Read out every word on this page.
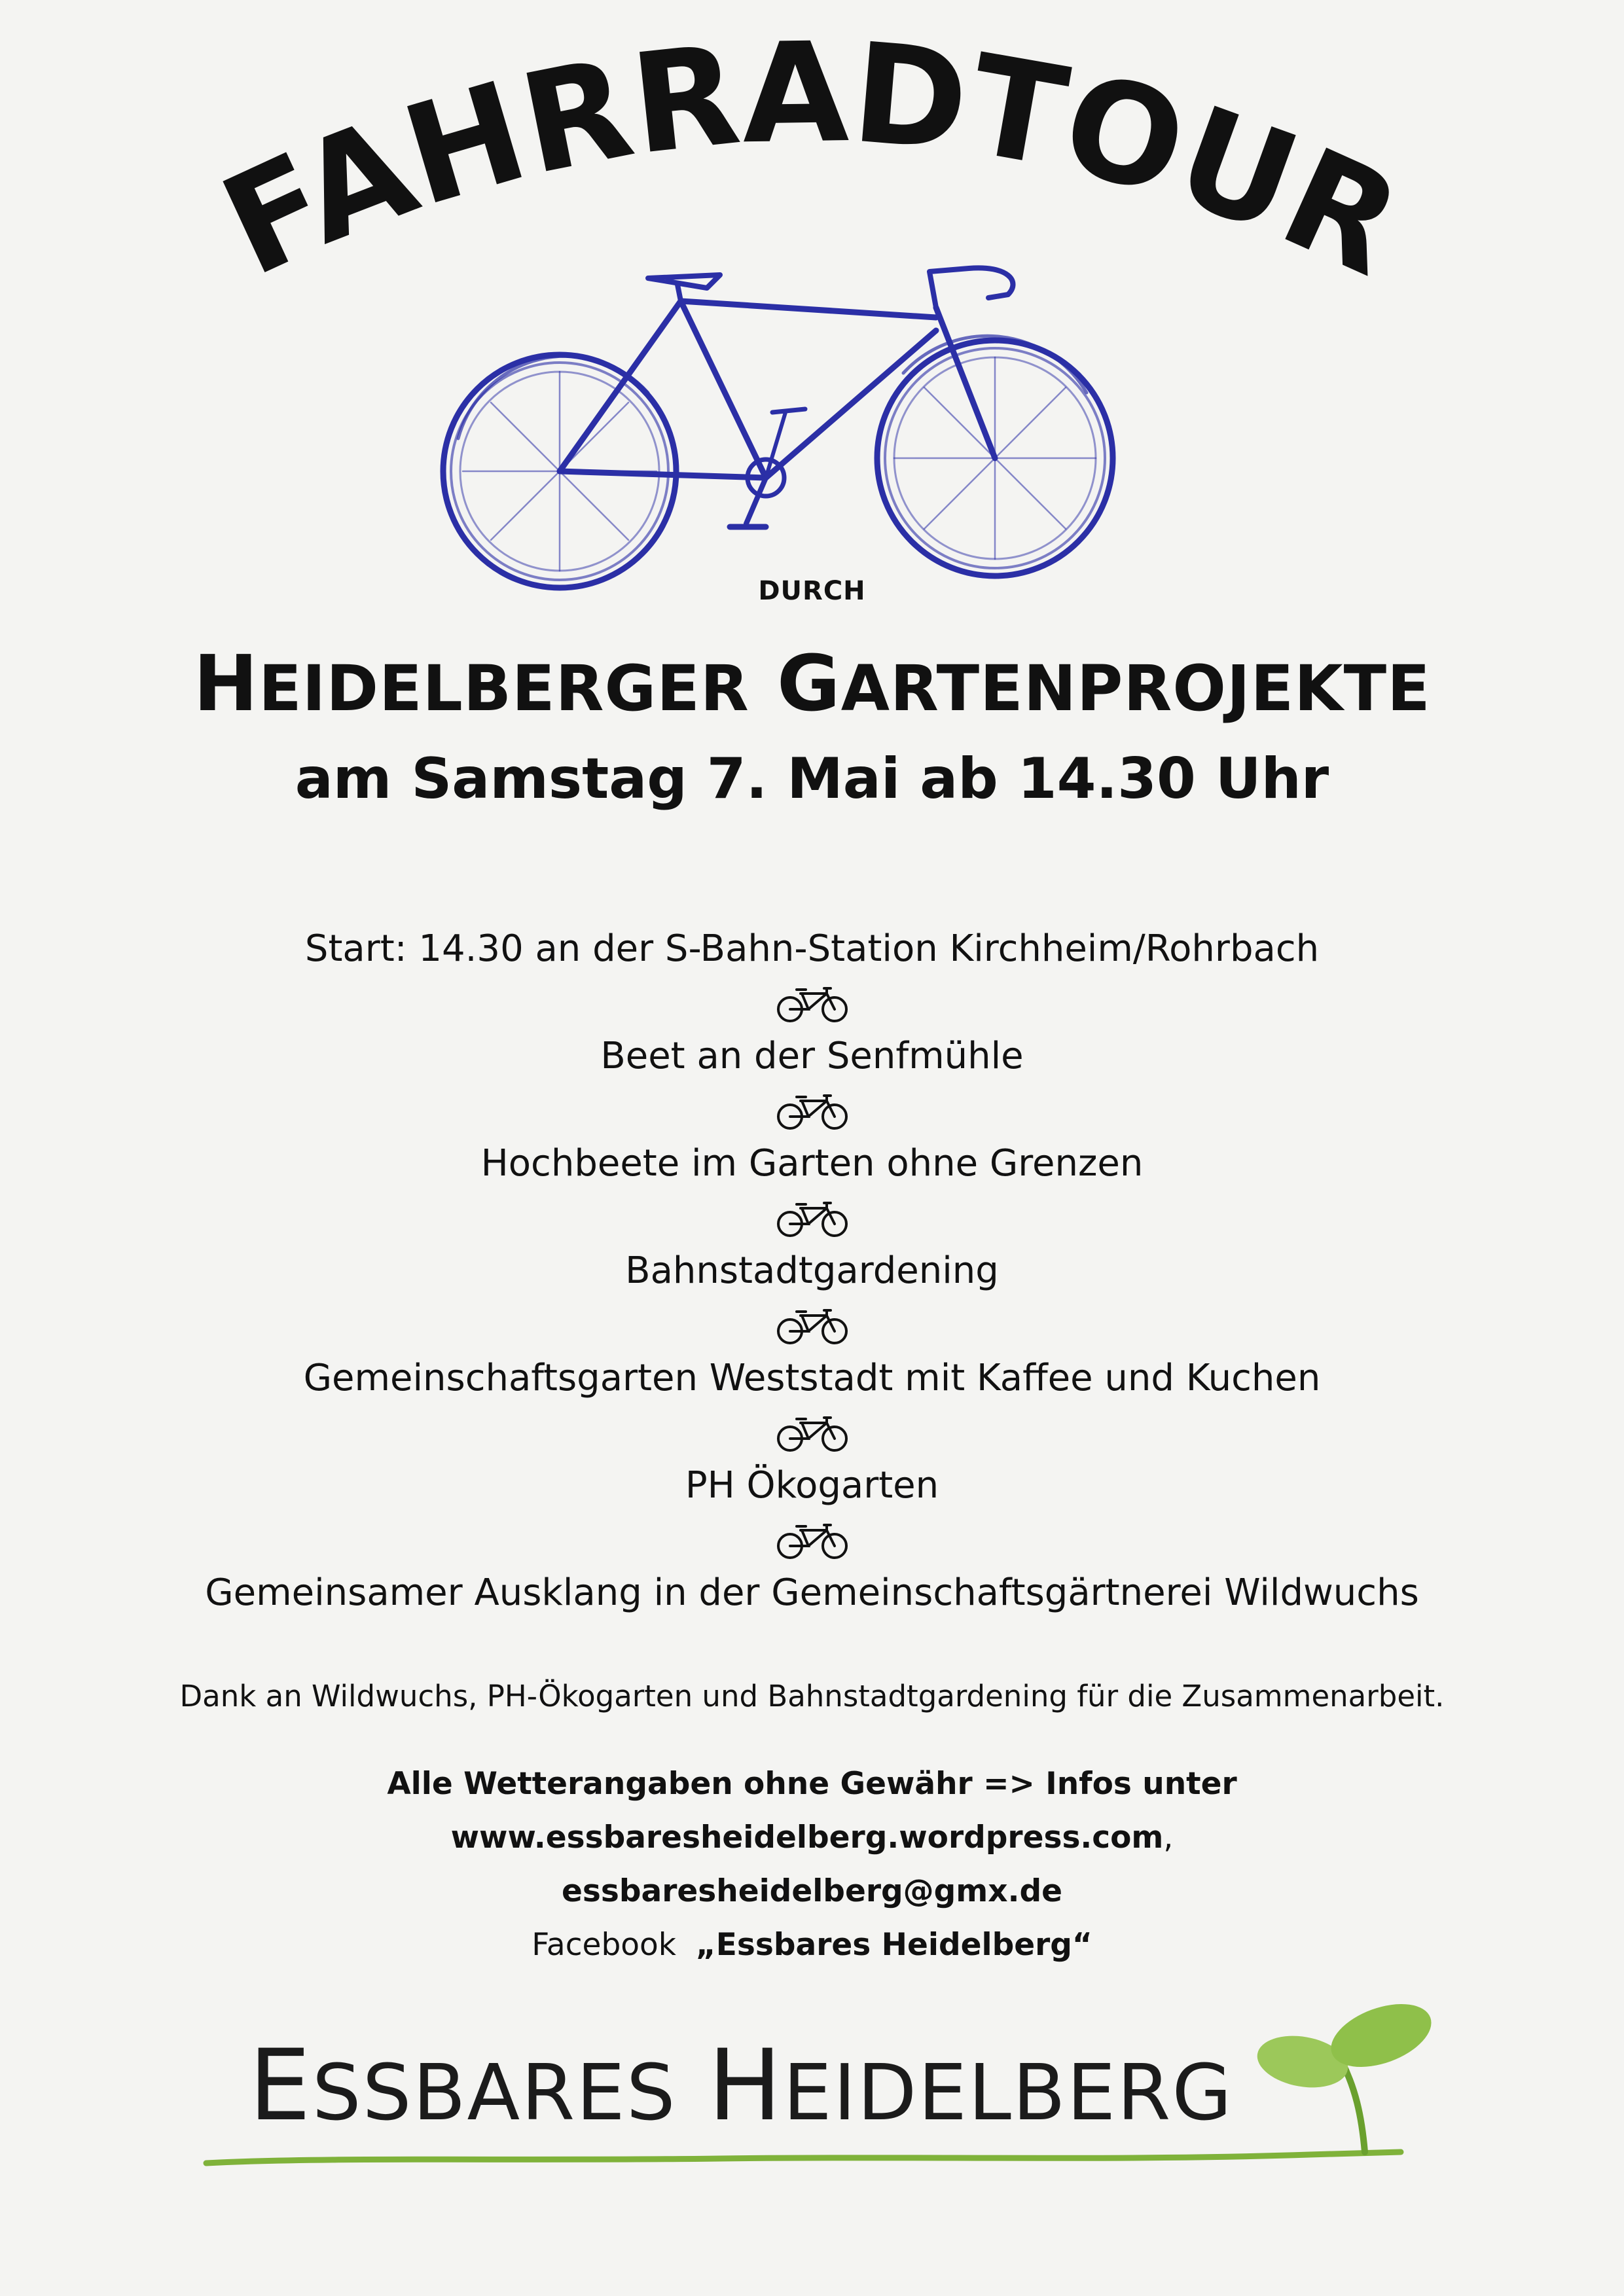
FAHRRADTOUR
DURCH
HEIDELBERGER GARTENPROJEKTE
am Samstag 7. Mai ab 14.30 Uhr
Start: 14.30 an der S-Bahn-Station Kirchheim/Rohrbach
Beet an der Senfmühle
Hochbeete im Garten ohne Grenzen
Bahnstadtgardening
Gemeinschaftsgarten Weststadt mit Kaffee und Kuchen
PH Ökogarten
Gemeinsamer Ausklang in der Gemeinschaftsgärtnerei Wildwuchs
Dank an Wildwuchs, PH-Ökogarten und Bahnstadtgardening für die Zusammenarbeit.
Alle Wetterangaben ohne Gewähr => Infos unter
www.essbaresheidelberg.wordpress.com,
essbaresheidelberg@gmx.de
Facebook „Essbares Heidelberg“
ESSBARES HEIDELBERG
